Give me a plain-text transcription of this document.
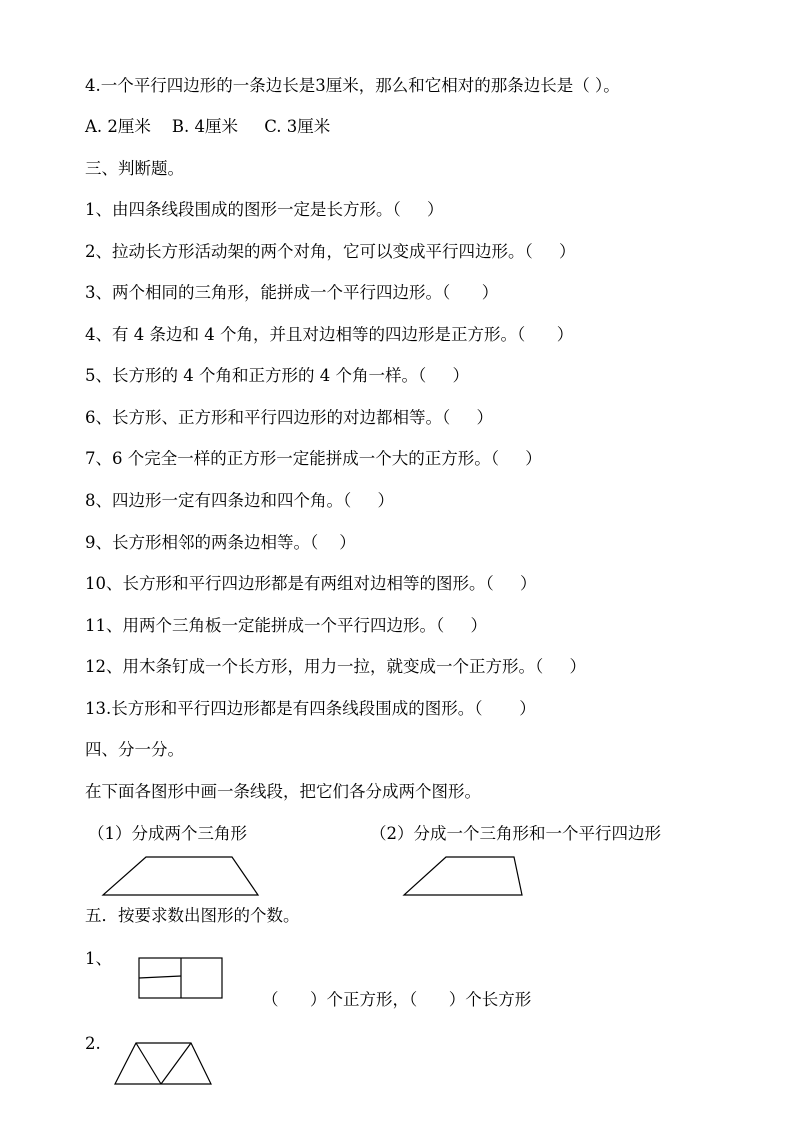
4.一个平行四边形的一条边长是3厘米，那么和它相对的那条边长是（ ）。
A. 2厘米    B. 4厘米     C. 3厘米
三、判断题。
1、由四条线段围成的图形一定是长方形。（     ）
2、拉动长方形活动架的两个对角，它可以变成平行四边形。（     ）
3、两个相同的三角形，能拼成一个平行四边形。（      ）
4、有 4 条边和 4 个角，并且对边相等的四边形是正方形。（      ）
5、长方形的 4 个角和正方形的 4 个角一样。（     ）
6、长方形、正方形和平行四边形的对边都相等。（     ）
7、6 个完全一样的正方形一定能拼成一个大的正方形。（     ）
8、四边形一定有四条边和四个角。（     ）
9、长方形相邻的两条边相等。（    ）
10、长方形和平行四边形都是有两组对边相等的图形。（     ）
11、用两个三角板一定能拼成一个平行四边形。（     ）
12、用木条钉成一个长方形，用力一拉，就变成一个正方形。（     ）
13.长方形和平行四边形都是有四条线段围成的图形。（       ）
四、分一分。
在下面各图形中画一条线段，把它们各分成两个图形。
（1）分成两个三角形	（2）分成一个三角形和一个平行四边形
五．按要求数出图形的个数。
1、
（      ）个正方形，（      ）个长方形
2.
